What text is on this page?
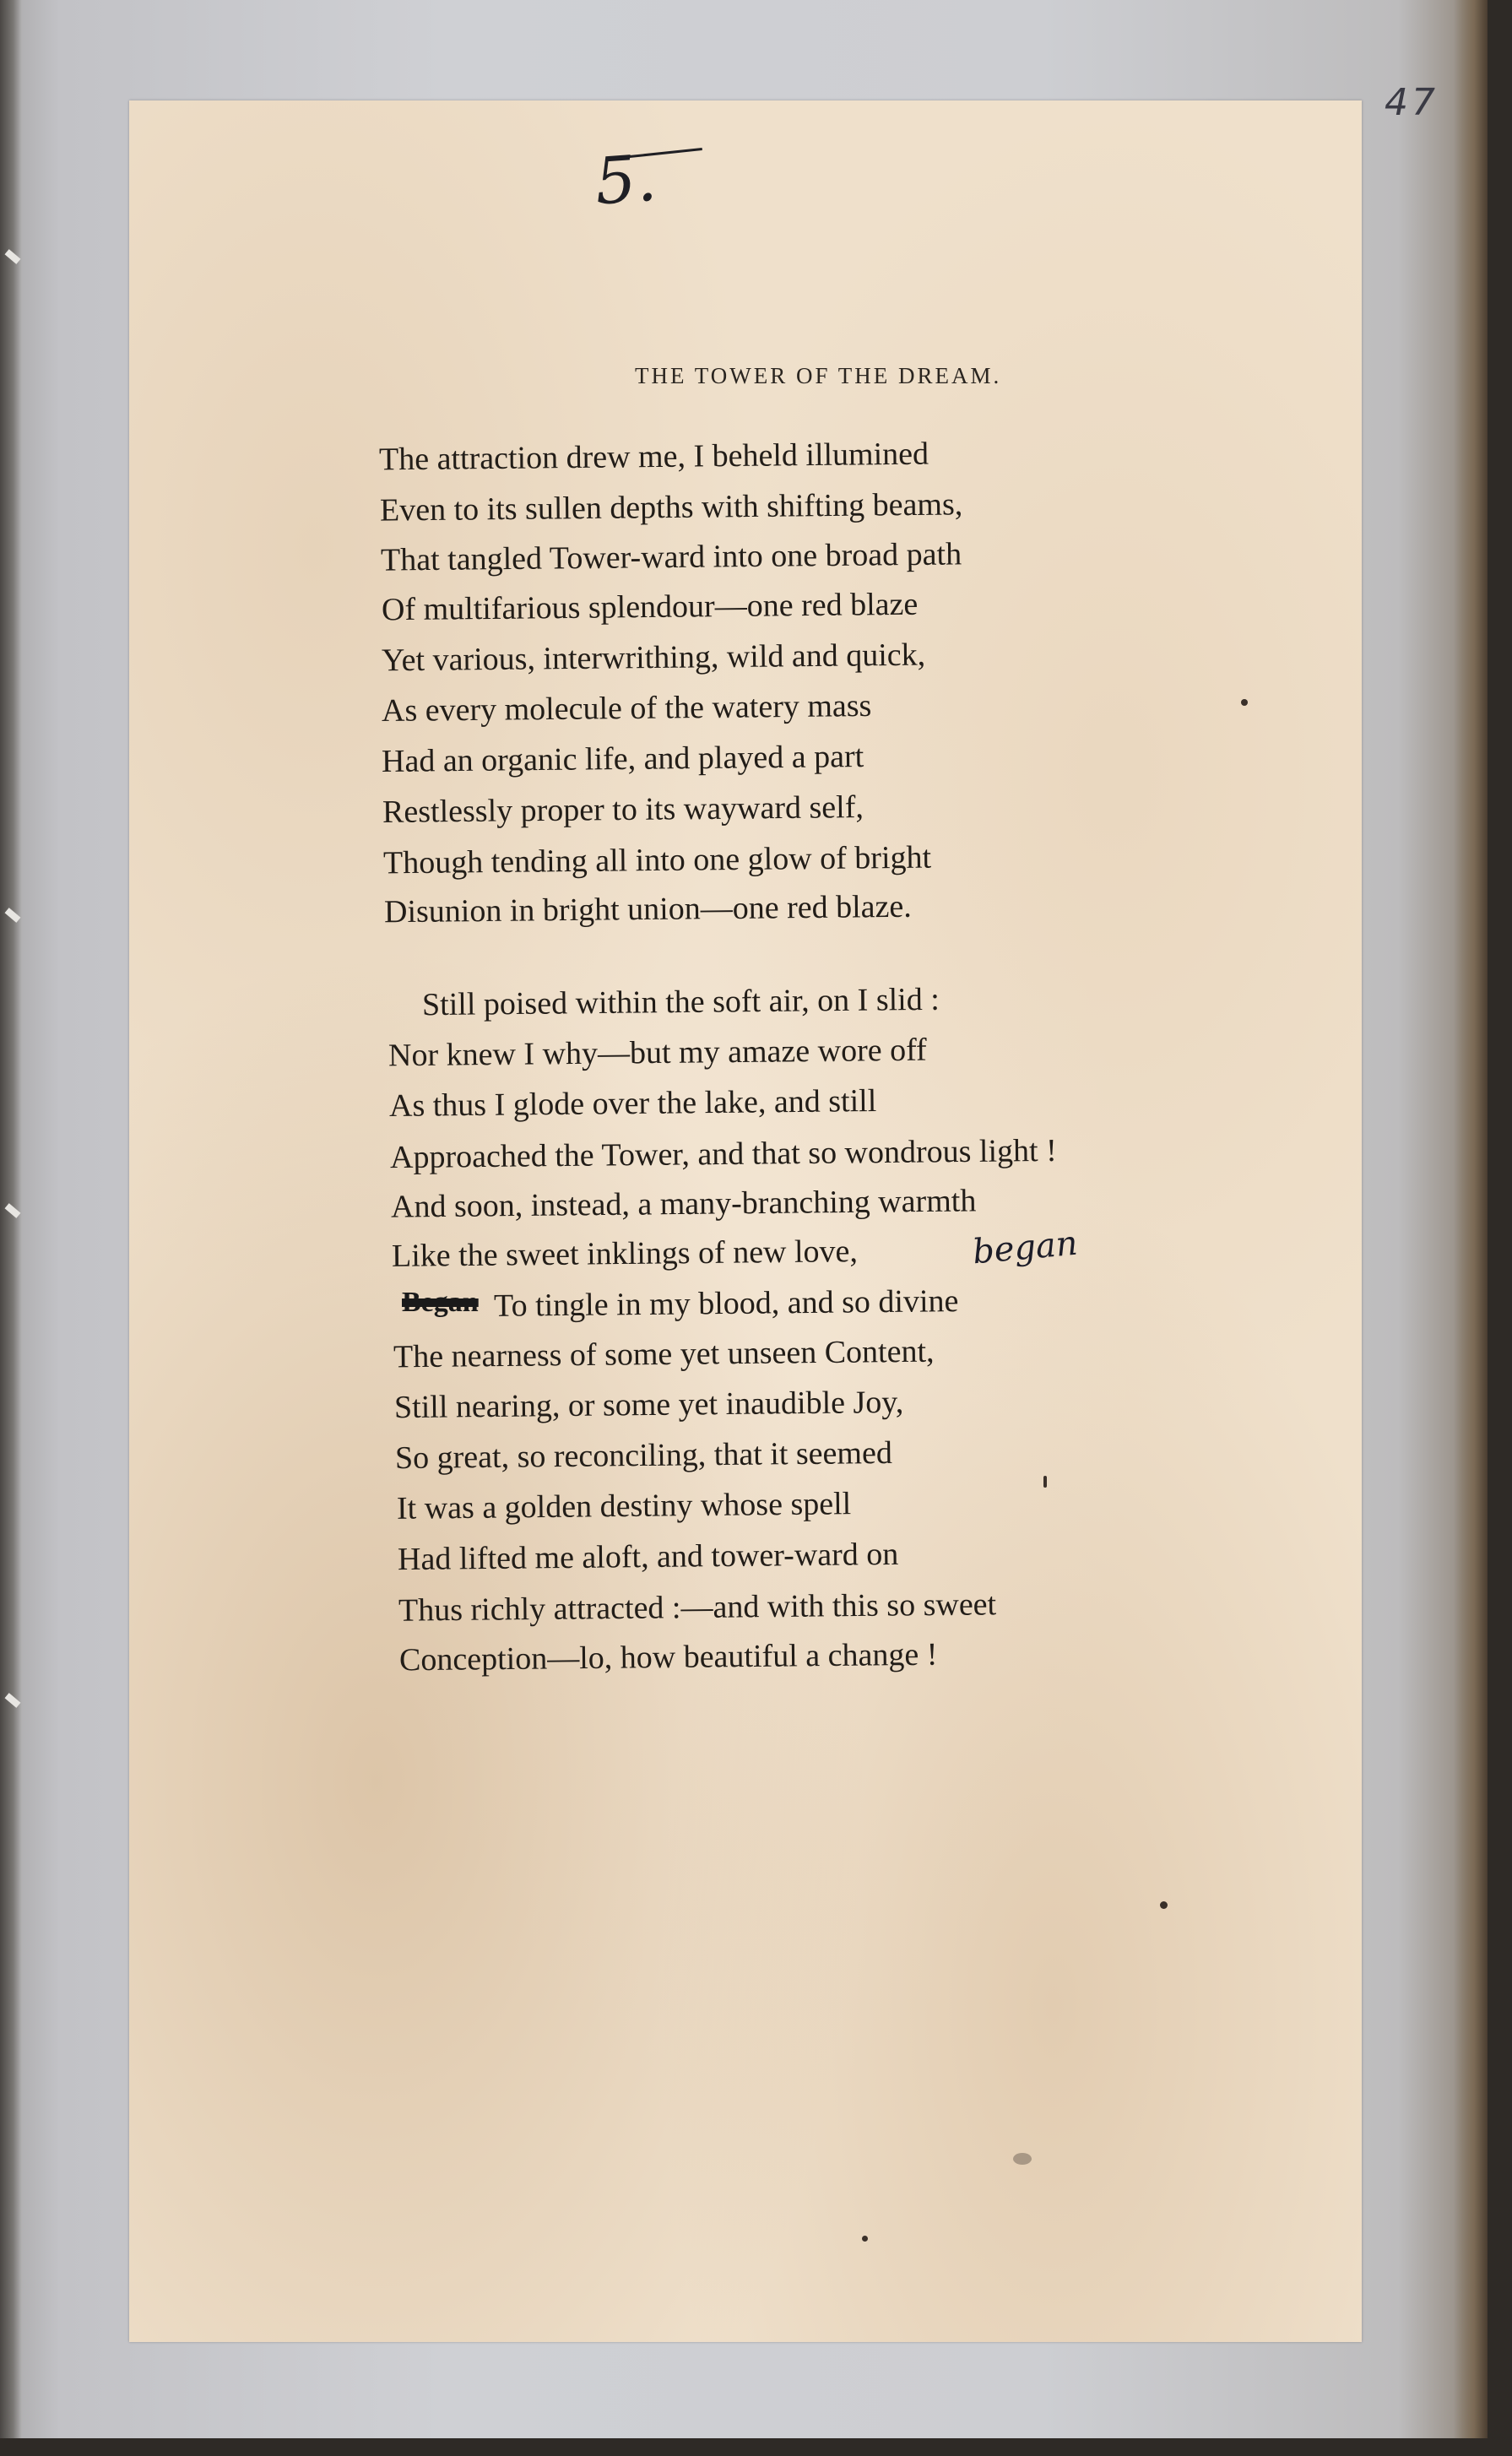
47
5.
THE TOWER OF THE DREAM.
The attraction drew me, I beheld illumined
Even to its sullen depths with shifting beams,
That tangled Tower-ward into one broad path
Of multifarious splendour—one red blaze
Yet various, interwrithing, wild and quick,
As every molecule of the watery mass
Had an organic life, and played a part
Restlessly proper to its wayward self,
Though tending all into one glow of bright
Disunion in bright union—one red blaze.
Still poised within the soft air, on I slid :
Nor knew I why—but my amaze wore off
As thus I glode over the lake, and still
Approached the Tower, and that so wondrous light !
And soon, instead, a many-branching warmth
Like the sweet inklings of new love,	began
Began To tingle in my blood, and so divine
The nearness of some yet unseen Content,
Still nearing, or some yet inaudible Joy,
So great, so reconciling, that it seemed
It was a golden destiny whose spell
Had lifted me aloft, and tower-ward on
Thus richly attracted :—and with this so sweet
Conception—lo, how beautiful a change !
